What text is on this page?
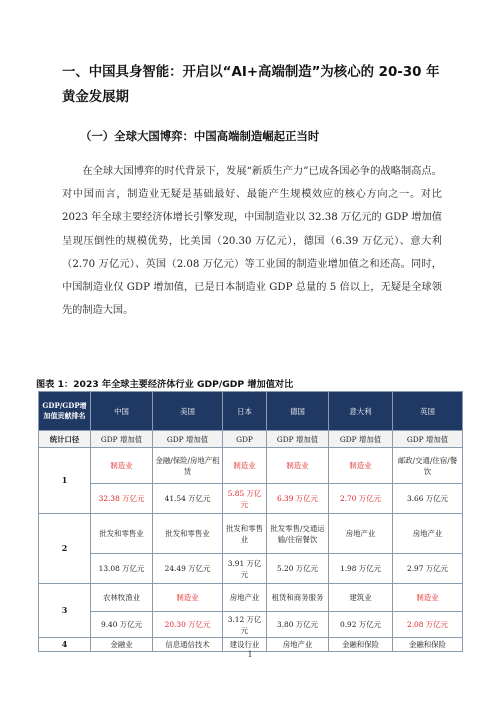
一、中国具身智能：开启以“AI+高端制造”为核心的 20-30 年黄金发展期
（一）全球大国博弈：中国高端制造崛起正当时

在全球大国博弈的时代背景下，发展“新质生产力”已成各国必争的战略制高点。对中国而言，制造业无疑是基础最好、最能产生规模效应的核心方向之一。对比 2023 年全球主要经济体增长引擎发现，中国制造业以 32.38 万亿元的 GDP 增加值呈现压倒性的规模优势，比美国（20.30 万亿元），德国（6.39 万亿元）、意大利（2.70 万亿元）、英国（2.08 万亿元）等工业国的制造业增加值之和还高。同时，中国制造业仅 GDP 增加值，已是日本制造业 GDP 总量的 5 倍以上，无疑是全球领先的制造大国。

图表 1：2023 年全球主要经济体行业 GDP/GDP 增加值对比
GDP/GDP增加值贡献排名	中国	美国	日本	德国	意大利	英国
统计口径	GDP 增加值	GDP 增加值	GDP	GDP 增加值	GDP 增加值	GDP 增加值
1	制造业	金融/保险/房地产租赁	制造业	制造业	制造业	邮政/交通/住宿/餐饮
	32.38 万亿元	41.54 万亿元	5.85 万亿元	6.39 万亿元	2.70 万亿元	3.66 万亿元
2	批发和零售业	批发和零售业	批发和零售业	批发零售/交通运输/住宿餐饮	房地产业	房地产业
	13.08 万亿元	24.49 万亿元	3.91 万亿元	5.20 万亿元	1.98 万亿元	2.97 万亿元
3	农林牧渔业	制造业	房地产业	租赁和商务服务	建筑业	制造业
	9.40 万亿元	20.30 万亿元	3.12 万亿元	3.80 万亿元	0.92 万亿元	2.08 万亿元
4	金融业	信息通信技术	建设行业	房地产业	金融和保险	金融和保险
1
